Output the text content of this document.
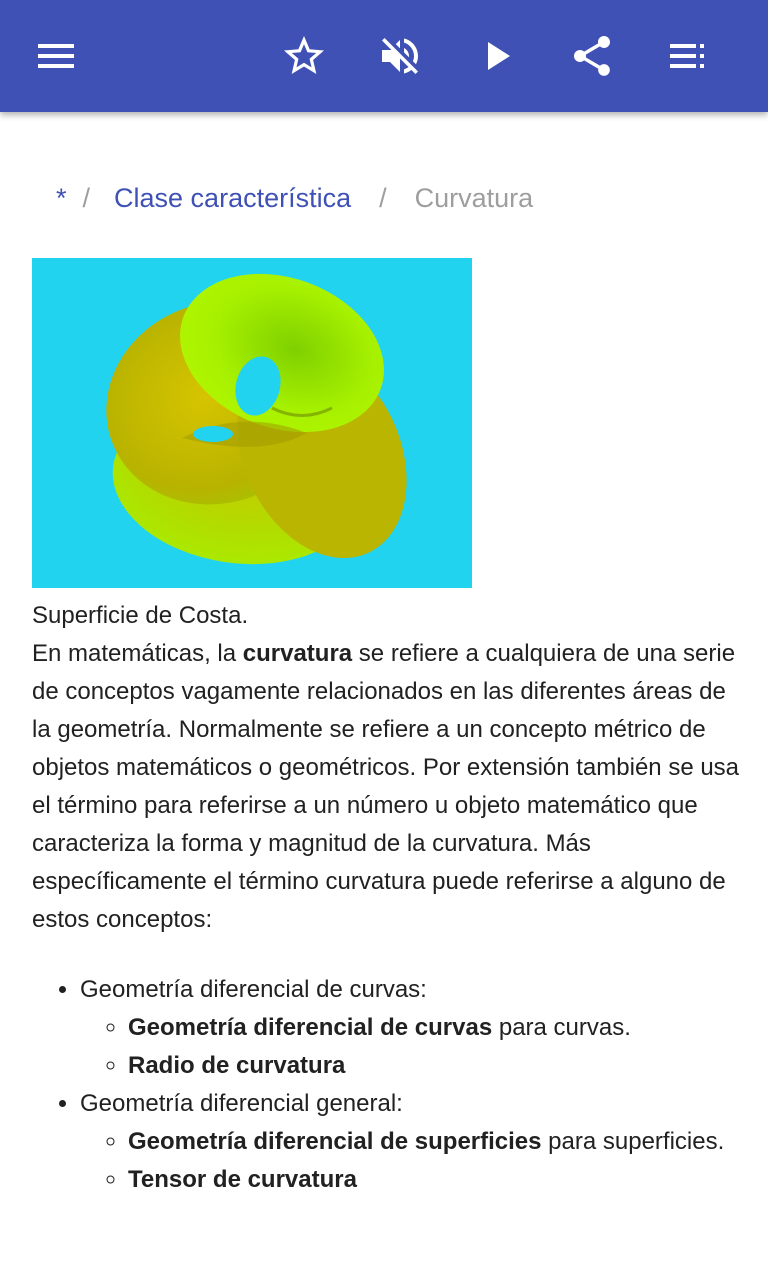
* / Clase característica	/	Curvatura

Superficie de Costa.

En matemáticas, la curvatura se refiere a cualquiera de una serie de conceptos vagamente relacionados en las diferentes áreas de la geometría. Normalmente se refiere a un concepto métrico de objetos matemáticos o geométricos. Por extensión también se usa el término para referirse a un número u objeto matemático que caracteriza la forma y magnitud de la curvatura. Más específicamente el término curvatura puede referirse a alguno de estos conceptos:

• Geometría diferencial de curvas:
◦ Geometría diferencial de curvas para curvas.
◦ Radio de curvatura
• Geometría diferencial general:
◦ Geometría diferencial de superficies para superficies.
◦ Tensor de curvatura
